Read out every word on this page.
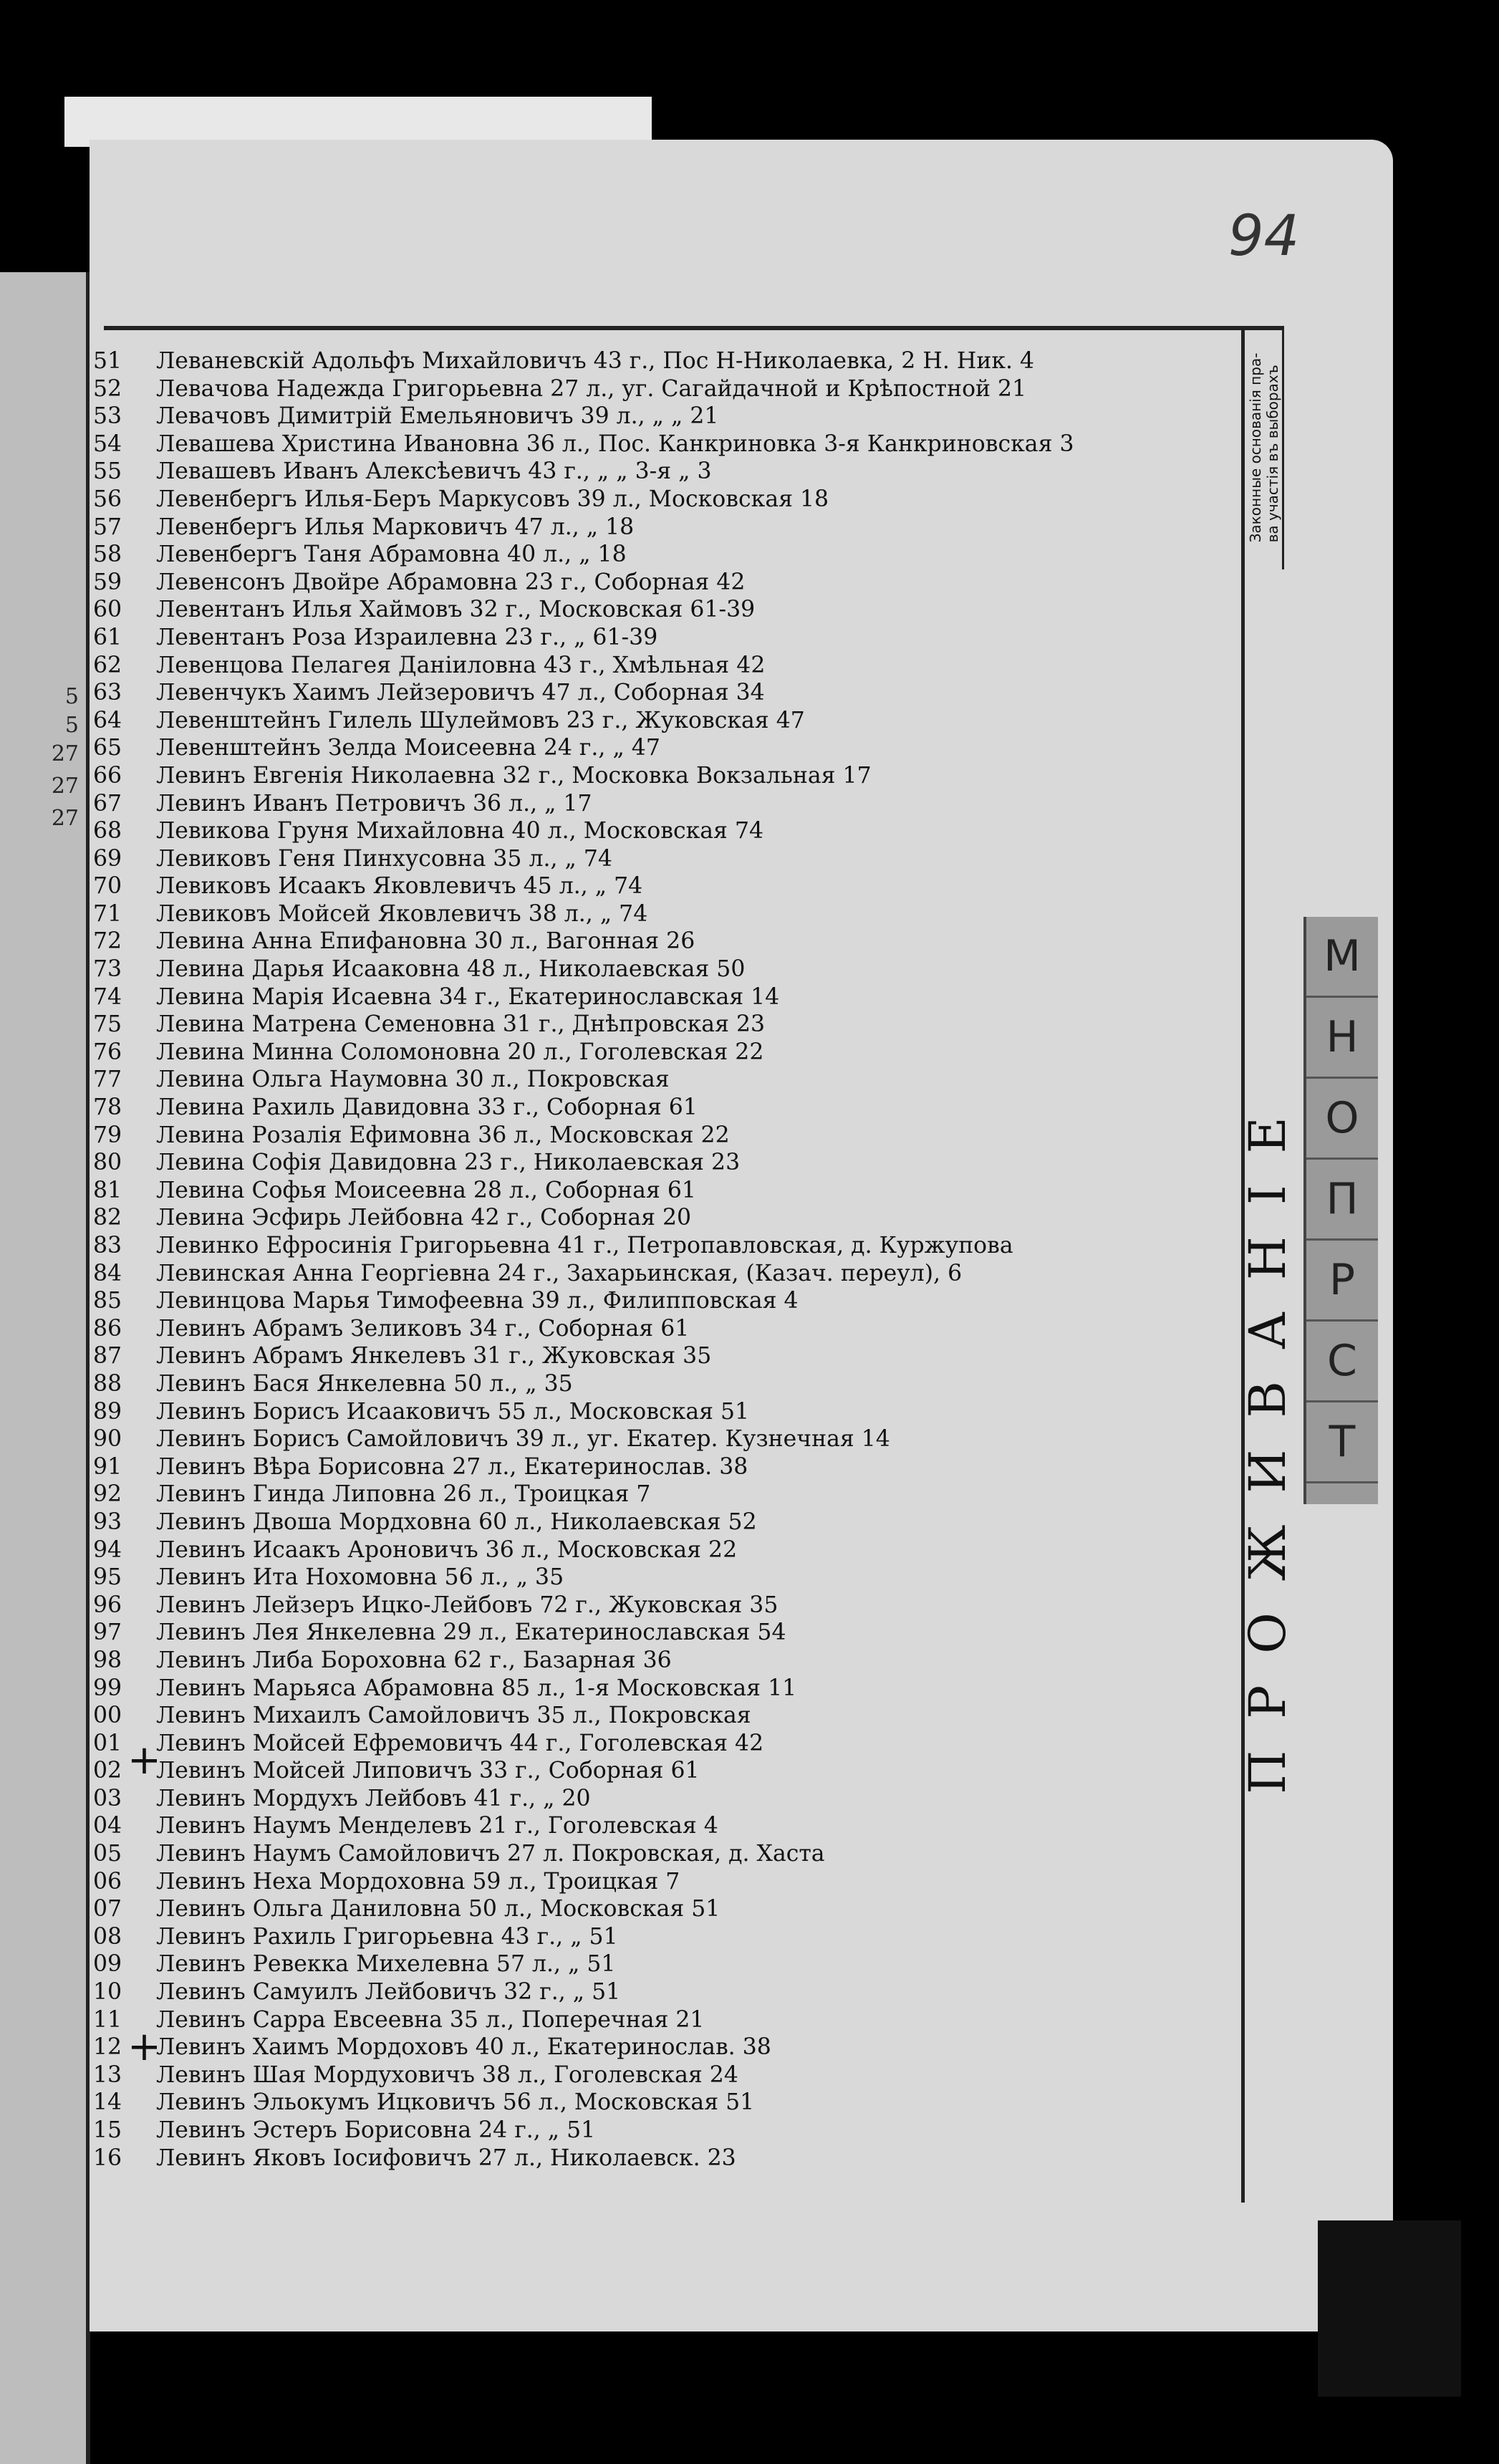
5
5
27
27
27
94
Законные основанія пра- ва участія въ выборахъ
ПРОЖИВАНІЕ
М
Н
О
П
Р
С
Т
51 Леваневскій Адольфъ Михайловичъ 43 г., Пос Н-Николаевка, 2 Н. Ник. 4
52 Левачова Надежда Григорьевна 27 л., уг. Сагайдачной и Крѣпостной 21
53 Левачовъ Димитрій Емельяновичъ 39 л., „ „ 21
54 Левашева Христина Ивановна 36 л., Пос. Канкриновка 3-я Канкриновская 3
55 Левашевъ Иванъ Алексѣевичъ 43 г., „ „ 3-я „ 3
56 Левенбергъ Илья-Беръ Маркусовъ 39 л., Московская 18
57 Левенбергъ Илья Марковичъ 47 л., „ 18
58 Левенбергъ Таня Абрамовна 40 л., „ 18
59 Левенсонъ Двойре Абрамовна 23 г., Соборная 42
60 Левентанъ Илья Хаймовъ 32 г., Московская 61-39
61 Левентанъ Роза Израилевна 23 г., „ 61-39
62 Левенцова Пелагея Даніиловна 43 г., Хмѣльная 42
63 Левенчукъ Хаимъ Лейзеровичъ 47 л., Соборная 34
64 Левенштейнъ Гилель Шулеймовъ 23 г., Жуковская 47
65 Левенштейнъ Зелда Моисеевна 24 г., „ 47
66 Левинъ Евгенія Николаевна 32 г., Московка Вокзальная 17
67 Левинъ Иванъ Петровичъ 36 л., „ 17
68 Левикова Груня Михайловна 40 л., Московская 74
69 Левиковъ Геня Пинхусовна 35 л., „ 74
70 Левиковъ Исаакъ Яковлевичъ 45 л., „ 74
71 Левиковъ Мойсей Яковлевичъ 38 л., „ 74
72 Левина Анна Епифановна 30 л., Вагонная 26
73 Левина Дарья Исааковна 48 л., Николаевская 50
74 Левина Марія Исаевна 34 г., Екатеринославская 14
75 Левина Матрена Семеновна 31 г., Днѣпровская 23
76 Левина Минна Соломоновна 20 л., Гоголевская 22
77 Левина Ольга Наумовна 30 л., Покровская
78 Левина Рахиль Давидовна 33 г., Соборная 61
79 Левина Розалія Ефимовна 36 л., Московская 22
80 Левина Софія Давидовна 23 г., Николаевская 23
81 Левина Софья Моисеевна 28 л., Соборная 61
82 Левина Эсфирь Лейбовна 42 г., Соборная 20
83 Левинко Ефросинія Григорьевна 41 г., Петропавловская, д. Куржупова
84 Левинская Анна Георгіевна 24 г., Захарьинская, (Казач. переул), 6
85 Левинцова Марья Тимофеевна 39 л., Филипповская 4
86 Левинъ Абрамъ Зеликовъ 34 г., Соборная 61
87 Левинъ Абрамъ Янкелевъ 31 г., Жуковская 35
88 Левинъ Бася Янкелевна 50 л., „ 35
89 Левинъ Борисъ Исааковичъ 55 л., Московская 51
90 Левинъ Борисъ Самойловичъ 39 л., уг. Екатер. Кузнечная 14
91 Левинъ Вѣра Борисовна 27 л., Екатеринослав. 38
92 Левинъ Гинда Липовна 26 л., Троицкая 7
93 Левинъ Двоша Мордховна 60 л., Николаевская 52
94 Левинъ Исаакъ Ароновичъ 36 л., Московская 22
95 Левинъ Ита Нохомовна 56 л., „ 35
96 Левинъ Лейзеръ Ицко-Лейбовъ 72 г., Жуковская 35
97 Левинъ Лея Янкелевна 29 л., Екатеринославская 54
98 Левинъ Либа Бороховна 62 г., Базарная 36
99 Левинъ Марьяса Абрамовна 85 л., 1-я Московская 11
00 Левинъ Михаилъ Самойловичъ 35 л., Покровская
01 Левинъ Мойсей Ефремовичъ 44 г., Гоголевская 42
02 Левинъ Мойсей Липовичъ 33 г., Соборная 61
03 Левинъ Мордухъ Лейбовъ 41 г., „ 20
04 Левинъ Наумъ Менделевъ 21 г., Гоголевская 4
05 Левинъ Наумъ Самойловичъ 27 л. Покровская, д. Хаста
06 Левинъ Неха Мордоховна 59 л., Троицкая 7
07 Левинъ Ольга Даниловна 50 л., Московская 51
08 Левинъ Рахиль Григорьевна 43 г., „ 51
09 Левинъ Ревекка Михелевна 57 л., „ 51
10 Левинъ Самуилъ Лейбовичъ 32 г., „ 51
11 Левинъ Сарра Евсеевна 35 л., Поперечная 21
12 Левинъ Хаимъ Мордоховъ 40 л., Екатеринослав. 38
13 Левинъ Шая Мордуховичъ 38 л., Гоголевская 24
14 Левинъ Эльокумъ Ицковичъ 56 л., Московская 51
15 Левинъ Эстеръ Борисовна 24 г., „ 51
16 Левинъ Яковъ Іосифовичъ 27 л., Николаевск. 23
+
+
